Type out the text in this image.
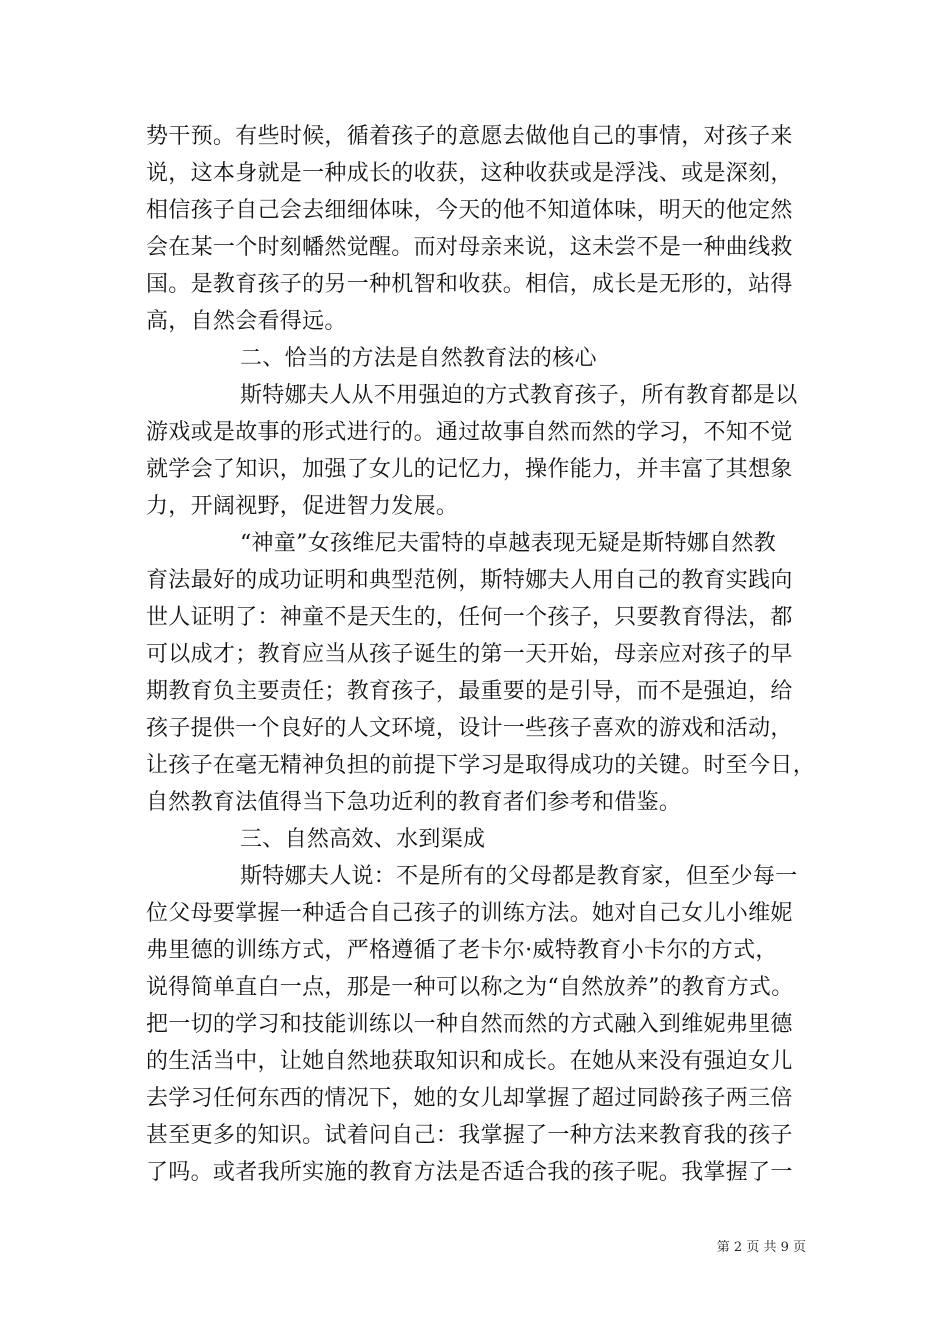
势干预。有些时候，循着孩子的意愿去做他自己的事情，对孩子来
说，这本身就是一种成长的收获，这种收获或是浮浅、或是深刻，
相信孩子自己会去细细体味，今天的他不知道体味，明天的他定然
会在某一个时刻幡然觉醒。而对母亲来说，这未尝不是一种曲线救
国。是教育孩子的另一种机智和收获。相信，成长是无形的，站得
高，自然会看得远。
二、恰当的方法是自然教育法的核心
斯特娜夫人从不用强迫的方式教育孩子，所有教育都是以
游戏或是故事的形式进行的。通过故事自然而然的学习，不知不觉
就学会了知识，加强了女儿的记忆力，操作能力，并丰富了其想象
力，开阔视野，促进智力发展。
“神童”女孩维尼夫雷特的卓越表现无疑是斯特娜自然教
育法最好的成功证明和典型范例，斯特娜夫人用自己的教育实践向
世人证明了：神童不是天生的，任何一个孩子，只要教育得法，都
可以成才；教育应当从孩子诞生的第一天开始，母亲应对孩子的早
期教育负主要责任；教育孩子，最重要的是引导，而不是强迫，给
孩子提供一个良好的人文环境，设计一些孩子喜欢的游戏和活动，
让孩子在毫无精神负担的前提下学习是取得成功的关键。时至今日，
自然教育法值得当下急功近利的教育者们参考和借鉴。
三、自然高效、水到渠成
斯特娜夫人说：不是所有的父母都是教育家，但至少每一
位父母要掌握一种适合自己孩子的训练方法。她对自己女儿小维妮
弗里德的训练方式，严格遵循了老卡尔·威特教育小卡尔的方式，
说得简单直白一点，那是一种可以称之为“自然放养”的教育方式。
把一切的学习和技能训练以一种自然而然的方式融入到维妮弗里德
的生活当中，让她自然地获取知识和成长。在她从来没有强迫女儿
去学习任何东西的情况下，她的女儿却掌握了超过同龄孩子两三倍
甚至更多的知识。试着问自己：我掌握了一种方法来教育我的孩子
了吗。或者我所实施的教育方法是否适合我的孩子呢。我掌握了一
第 2 页 共 9 页
